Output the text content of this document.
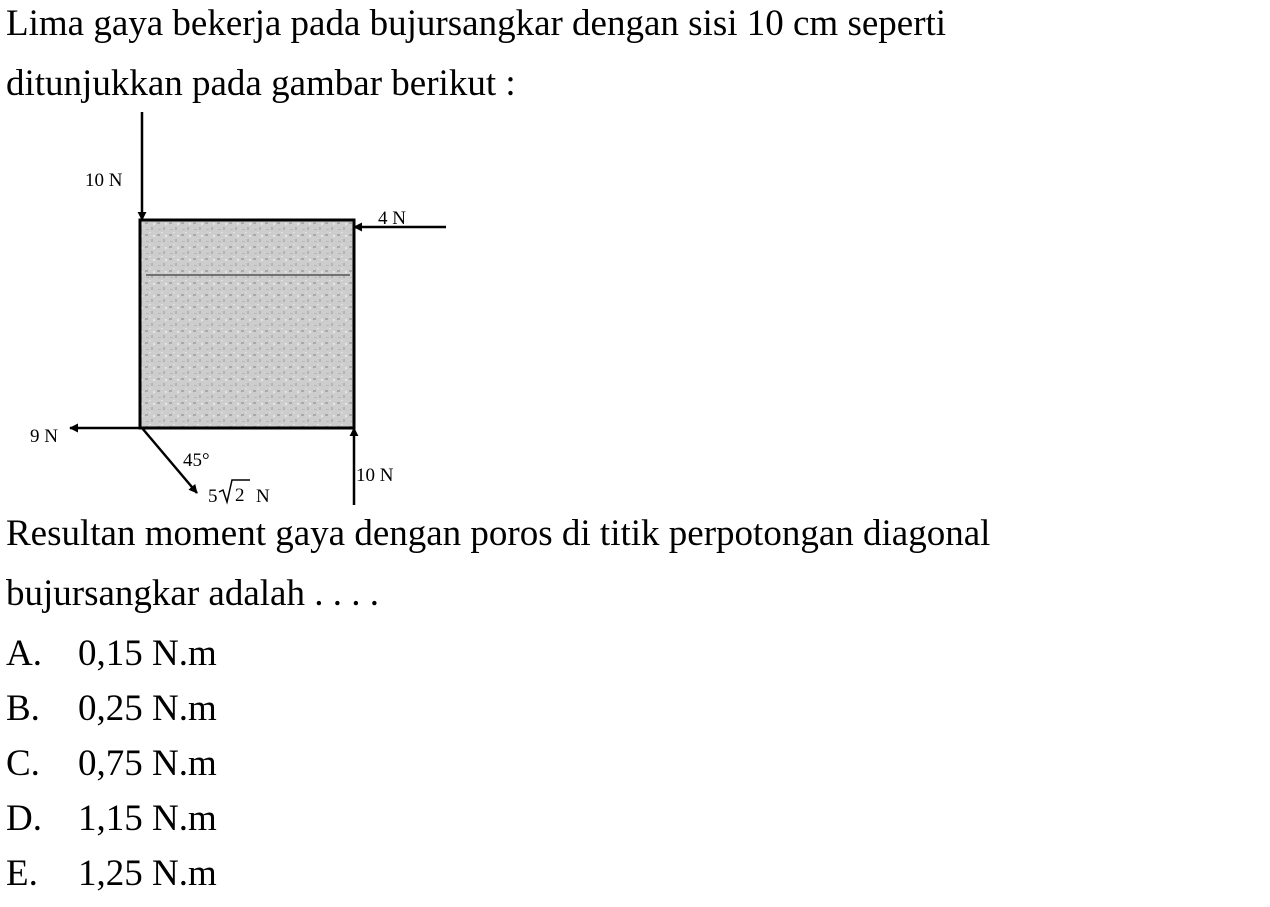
Lima gaya bekerja pada bujursangkar dengan sisi 10 cm seperti
ditunjukkan pada gambar berikut :
10 N
4 N
9 N
45°
10 N
5 2 N
Resultan moment gaya dengan poros di titik perpotongan diagonal
bujursangkar adalah . . . .
A. 0,15 N.m
B. 0,25 N.m
C. 0,75 N.m
D. 1,15 N.m
E. 1,25 N.m
